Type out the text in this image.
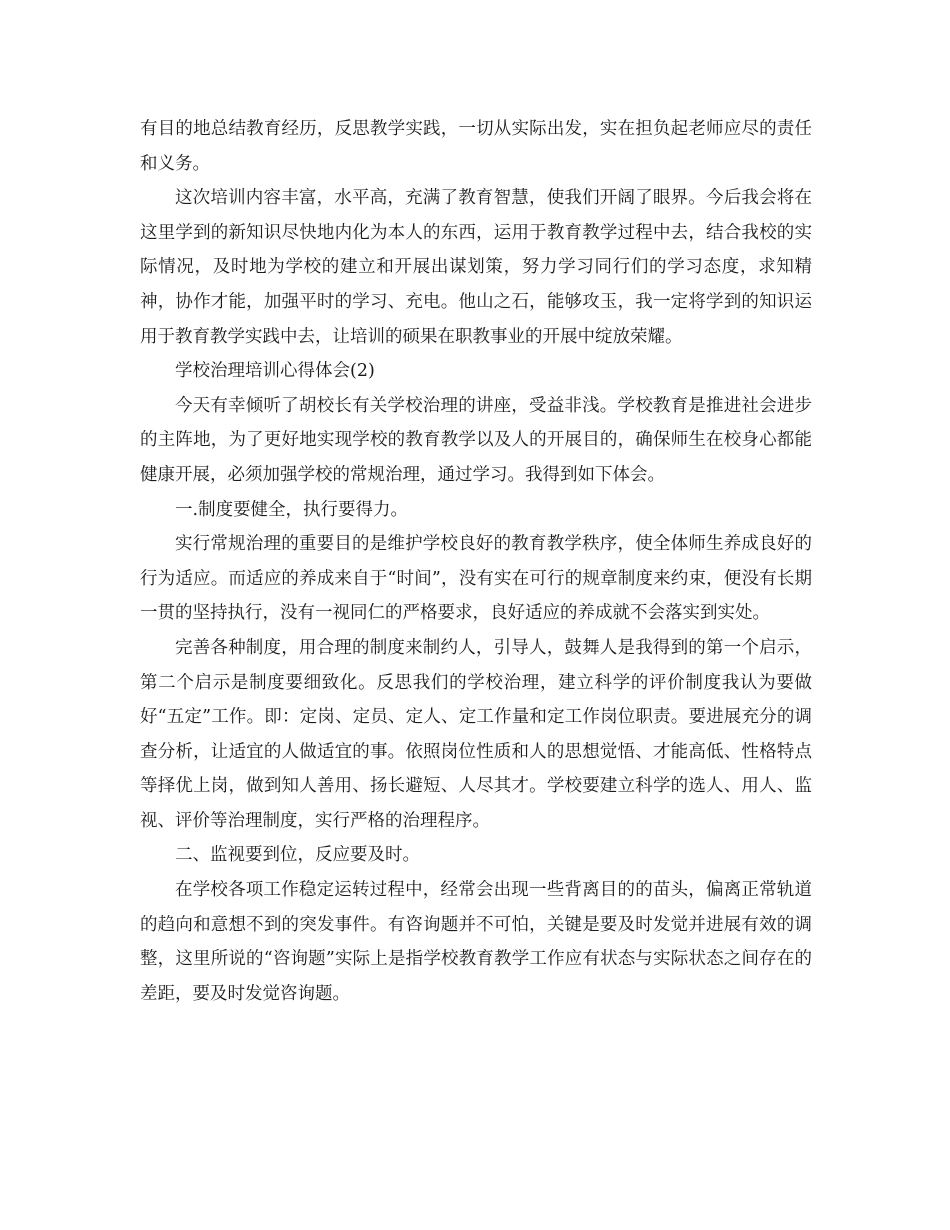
有目的地总结教育经历，反思教学实践，一切从实际出发，实在担负起老师应尽的责任和义务。

这次培训内容丰富，水平高，充满了教育智慧，使我们开阔了眼界。今后我会将在这里学到的新知识尽快地内化为本人的东西，运用于教育教学过程中去，结合我校的实际情况，及时地为学校的建立和开展出谋划策，努力学习同行们的学习态度，求知精神，协作才能，加强平时的学习、充电。他山之石，能够攻玉，我一定将学到的知识运用于教育教学实践中去，让培训的硕果在职教事业的开展中绽放荣耀。

学校治理培训心得体会(2)

今天有幸倾听了胡校长有关学校治理的讲座，受益非浅。学校教育是推进社会进步的主阵地，为了更好地实现学校的教育教学以及人的开展目的，确保师生在校身心都能健康开展，必须加强学校的常规治理，通过学习。我得到如下体会。

一.制度要健全，执行要得力。

实行常规治理的重要目的是维护学校良好的教育教学秩序，使全体师生养成良好的行为适应。而适应的养成来自于“时间”，没有实在可行的规章制度来约束，便没有长期一贯的坚持执行，没有一视同仁的严格要求，良好适应的养成就不会落实到实处。

完善各种制度，用合理的制度来制约人，引导人，鼓舞人是我得到的第一个启示，第二个启示是制度要细致化。反思我们的学校治理，建立科学的评价制度我认为要做好“五定”工作。即：定岗、定员、定人、定工作量和定工作岗位职责。要进展充分的调查分析，让适宜的人做适宜的事。依照岗位性质和人的思想觉悟、才能高低、性格特点等择优上岗，做到知人善用、扬长避短、人尽其才。学校要建立科学的选人、用人、监视、评价等治理制度，实行严格的治理程序。

二、监视要到位，反应要及时。

在学校各项工作稳定运转过程中，经常会出现一些背离目的的苗头，偏离正常轨道的趋向和意想不到的突发事件。有咨询题并不可怕，关键是要及时发觉并进展有效的调整，这里所说的“咨询题”实际上是指学校教育教学工作应有状态与实际状态之间存在的差距，要及时发觉咨询题。
